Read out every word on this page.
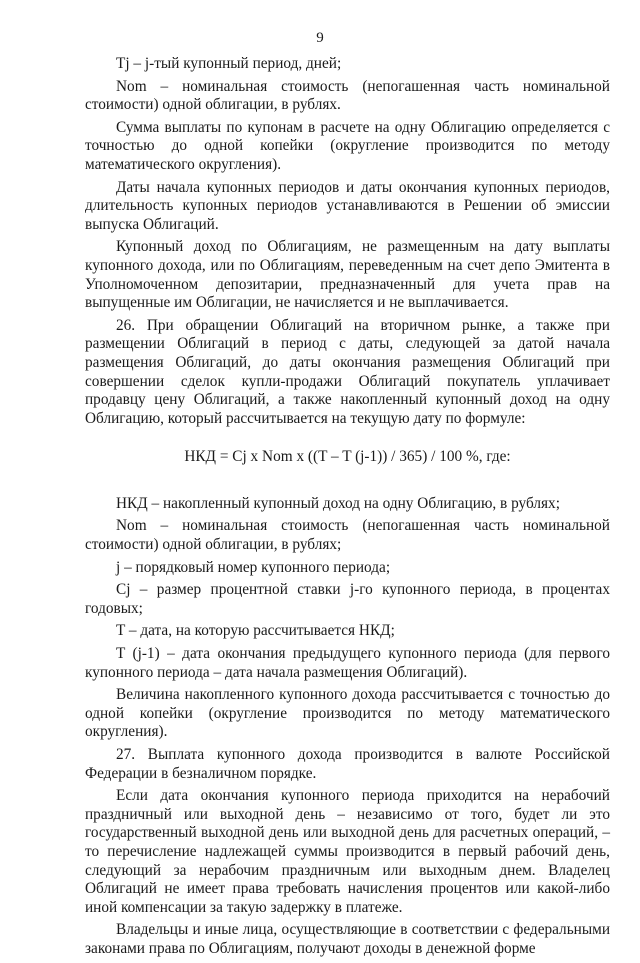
9

Tj – j-тый купонный период, дней;

Nom – номинальная стоимость (непогашенная часть номинальной стоимости) одной облигации, в рублях.

Сумма выплаты по купонам в расчете на одну Облигацию определяется с точностью до одной копейки (округление производится по методу математического округления).

Даты начала купонных периодов и даты окончания купонных периодов, длительность купонных периодов устанавливаются в Решении об эмиссии выпуска Облигаций.

Купонный доход по Облигациям, не размещенным на дату выплаты купонного дохода, или по Облигациям, переведенным на счет депо Эмитента в Уполномоченном депозитарии, предназначенный для учета прав на выпущенные им Облигации, не начисляется и не выплачивается.

26. При обращении Облигаций на вторичном рынке, а также при размещении Облигаций в период с даты, следующей за датой начала размещения Облигаций, до даты окончания размещения Облигаций при совершении сделок купли-продажи Облигаций покупатель уплачивает продавцу цену Облигаций, а также накопленный купонный доход на одну Облигацию, который рассчитывается на текущую дату по формуле:

НКД = Cj x Nom x ((T – T (j-1)) / 365) / 100 %, где:

НКД – накопленный купонный доход на одну Облигацию, в рублях;

Nom – номинальная стоимость (непогашенная часть номинальной стоимости) одной облигации, в рублях;

j – порядковый номер купонного периода;

Cj – размер процентной ставки j-го купонного периода, в процентах годовых;

T – дата, на которую рассчитывается НКД;

T (j-1) – дата окончания предыдущего купонного периода (для первого купонного периода – дата начала размещения Облигаций).

Величина накопленного купонного дохода рассчитывается с точностью до одной копейки (округление производится по методу математического округления).

27. Выплата купонного дохода производится в валюте Российской Федерации в безналичном порядке.

Если дата окончания купонного периода приходится на нерабочий праздничный или выходной день – независимо от того, будет ли это государственный выходной день или выходной день для расчетных операций, – то перечисление надлежащей суммы производится в первый рабочий день, следующий за нерабочим праздничным или выходным днем. Владелец Облигаций не имеет права требовать начисления процентов или какой-либо иной компенсации за такую задержку в платеже.

Владельцы и иные лица, осуществляющие в соответствии с федеральными законами права по Облигациям, получают доходы в денежной форме
